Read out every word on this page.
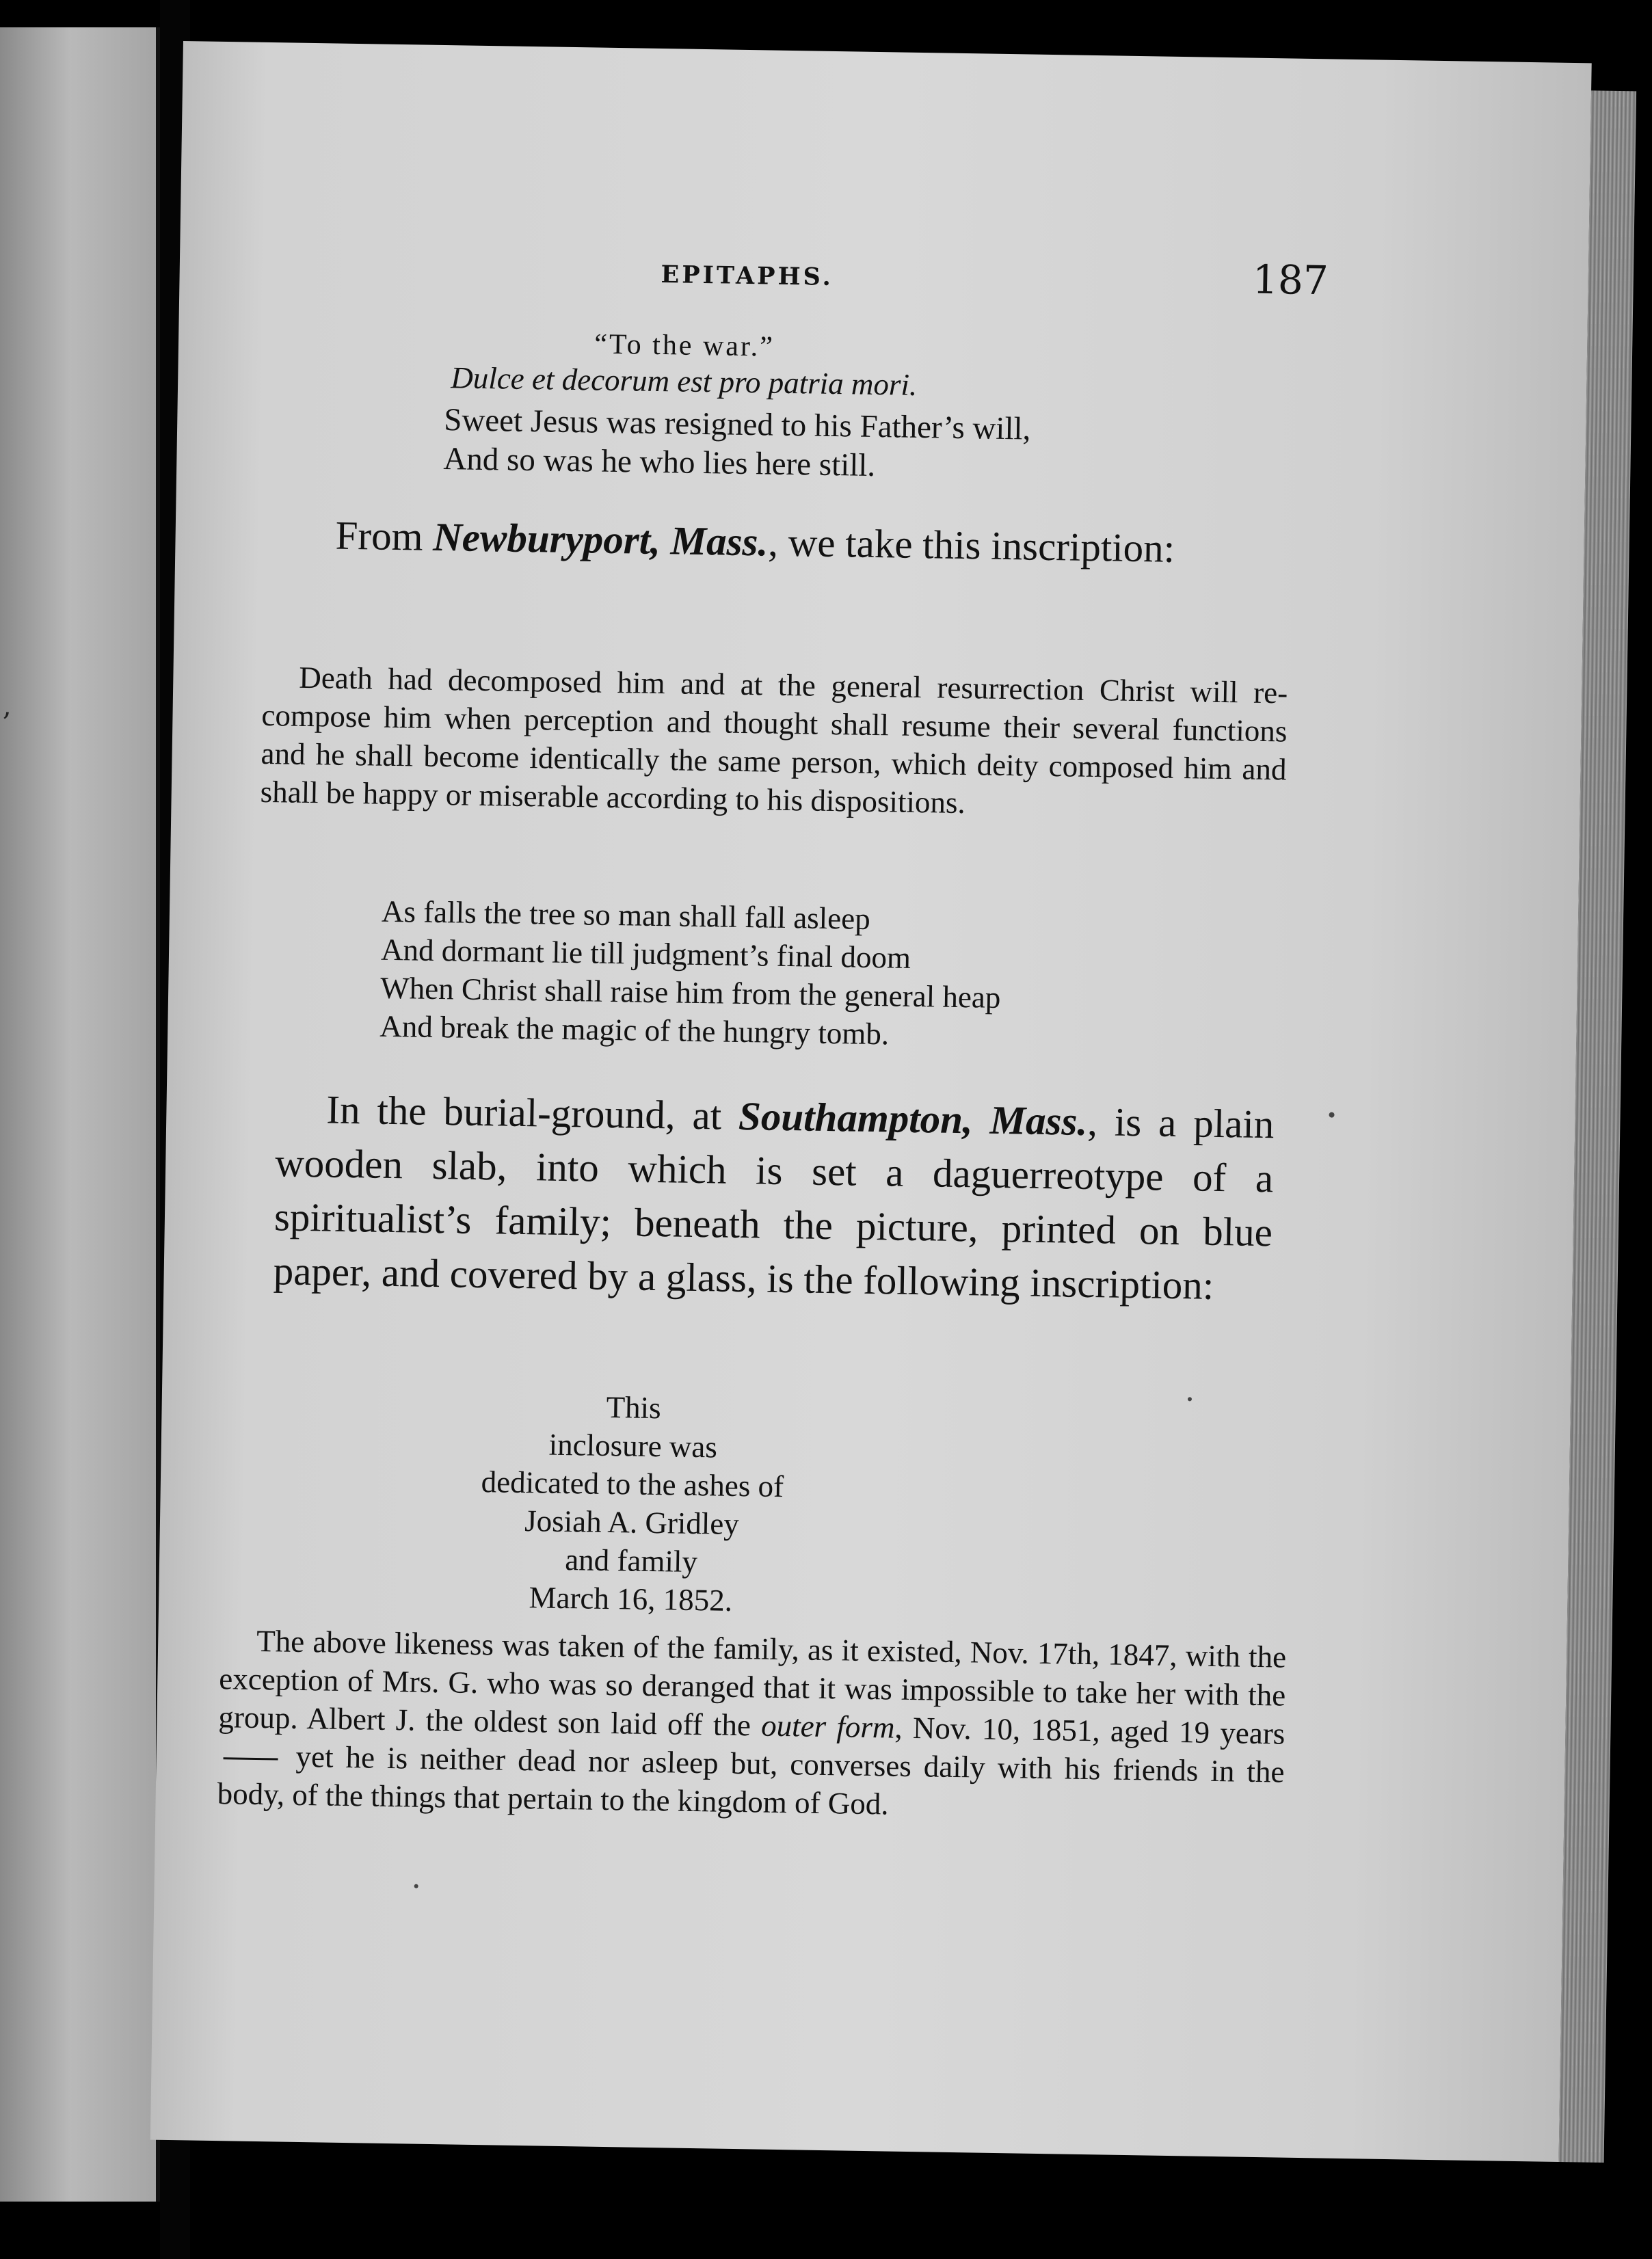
,
EPITAPHS.	187
“To the war.”
Dulce et decorum est pro patria mori.
Sweet Jesus was resigned to his Father’s will,
And so was he who lies here still.

From Newburyport, Mass., we take this inscription:

Death had decomposed him and at the general resurrection Christ will re-compose him when perception and thought shall resume their several functions and he shall become identically the same person, which deity composed him and shall be happy or miserable according to his dispositions.

As falls the tree so man shall fall asleep
And dormant lie till judgment’s final doom
When Christ shall raise him from the general heap
And break the magic of the hungry tomb.

In the burial-ground, at Southampton, Mass., is a plain wooden slab, into which is set a daguerreotype of a spiritualist’s family; beneath the picture, printed on blue paper, and covered by a glass, is the following inscription:

This
inclosure was
dedicated to the ashes of
Josiah A. Gridley
and family
March 16, 1852.

The above likeness was taken of the family, as it existed, Nov. 17th, 1847, with the exception of Mrs. G. who was so deranged that it was impossible to take her with the group. Albert J. the oldest son laid off the outer form, Nov. 10, 1851, aged 19 years  yet he is neither dead nor asleep but, converses daily with his friends in the body, of the things that pertain to the kingdom of God.
